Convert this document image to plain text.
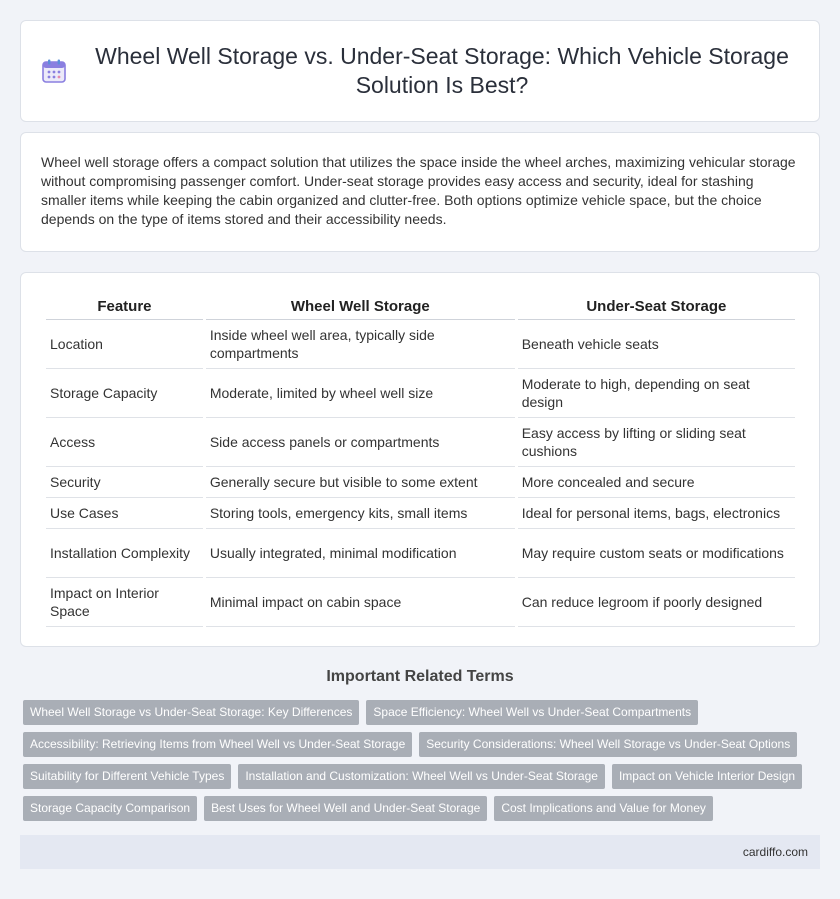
Wheel Well Storage vs. Under-Seat Storage: Which Vehicle Storage Solution Is Best?

Wheel well storage offers a compact solution that utilizes the space inside the wheel arches, maximizing vehicular storage without compromising passenger comfort. Under-seat storage provides easy access and security, ideal for stashing smaller items while keeping the cabin organized and clutter-free. Both options optimize vehicle space, but the choice depends on the type of items stored and their accessibility needs.

Feature	Wheel Well Storage	Under-Seat Storage
Location	Inside wheel well area, typically side compartments	Beneath vehicle seats
Storage Capacity	Moderate, limited by wheel well size	Moderate to high, depending on seat design
Access	Side access panels or compartments	Easy access by lifting or sliding seat cushions
Security	Generally secure but visible to some extent	More concealed and secure
Use Cases	Storing tools, emergency kits, small items	Ideal for personal items, bags, electronics
Installation Complexity	Usually integrated, minimal modification	May require custom seats or modifications
Impact on Interior Space	Minimal impact on cabin space	Can reduce legroom if poorly designed
Important Related Terms
Wheel Well Storage vs Under-Seat Storage: Key Differences	Space Efficiency: Wheel Well vs Under-Seat Compartments
Accessibility: Retrieving Items from Wheel Well vs Under-Seat Storage	Security Considerations: Wheel Well Storage vs Under-Seat Options
Suitability for Different Vehicle Types	Installation and Customization: Wheel Well vs Under-Seat Storage	Impact on Vehicle Interior Design
Storage Capacity Comparison	Best Uses for Wheel Well and Under-Seat Storage	Cost Implications and Value for Money
cardiffo.com
